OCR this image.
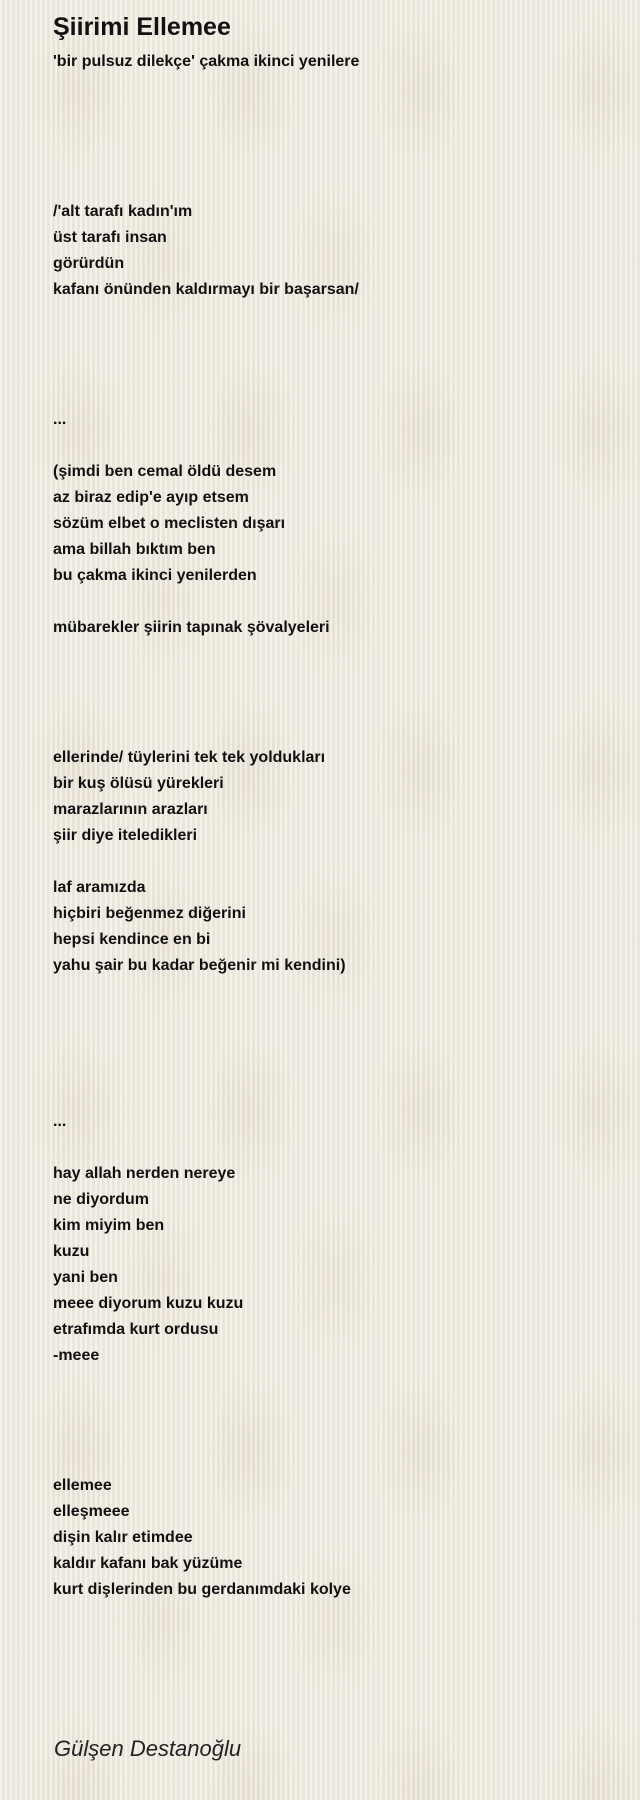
Şiirimi Ellemee
'bir pulsuz dilekçe' çakma ikinci yenilere
/'alt tarafı kadın'ım
üst tarafı insan
görürdün
kafanı önünden kaldırmayı bir başarsan/
...
(şimdi ben cemal öldü desem
az biraz edip'e ayıp etsem
sözüm elbet o meclisten dışarı
ama billah bıktım ben
bu çakma ikinci yenilerden
mübarekler şiirin tapınak şövalyeleri
ellerinde/ tüylerini tek tek yoldukları
bir kuş ölüsü yürekleri
marazlarının arazları
şiir diye iteledikleri
laf aramızda
hiçbiri beğenmez diğerini
hepsi kendince en bi
yahu şair bu kadar beğenir mi kendini)
...
hay allah nerden nereye
ne diyordum
kim miyim ben
kuzu
yani ben
meee diyorum kuzu kuzu
etrafımda kurt ordusu
-meee
ellemee
elleşmeee
dişin kalır etimdee
kaldır kafanı bak yüzüme
kurt dişlerinden bu gerdanımdaki kolye
Gülşen Destanoğlu
